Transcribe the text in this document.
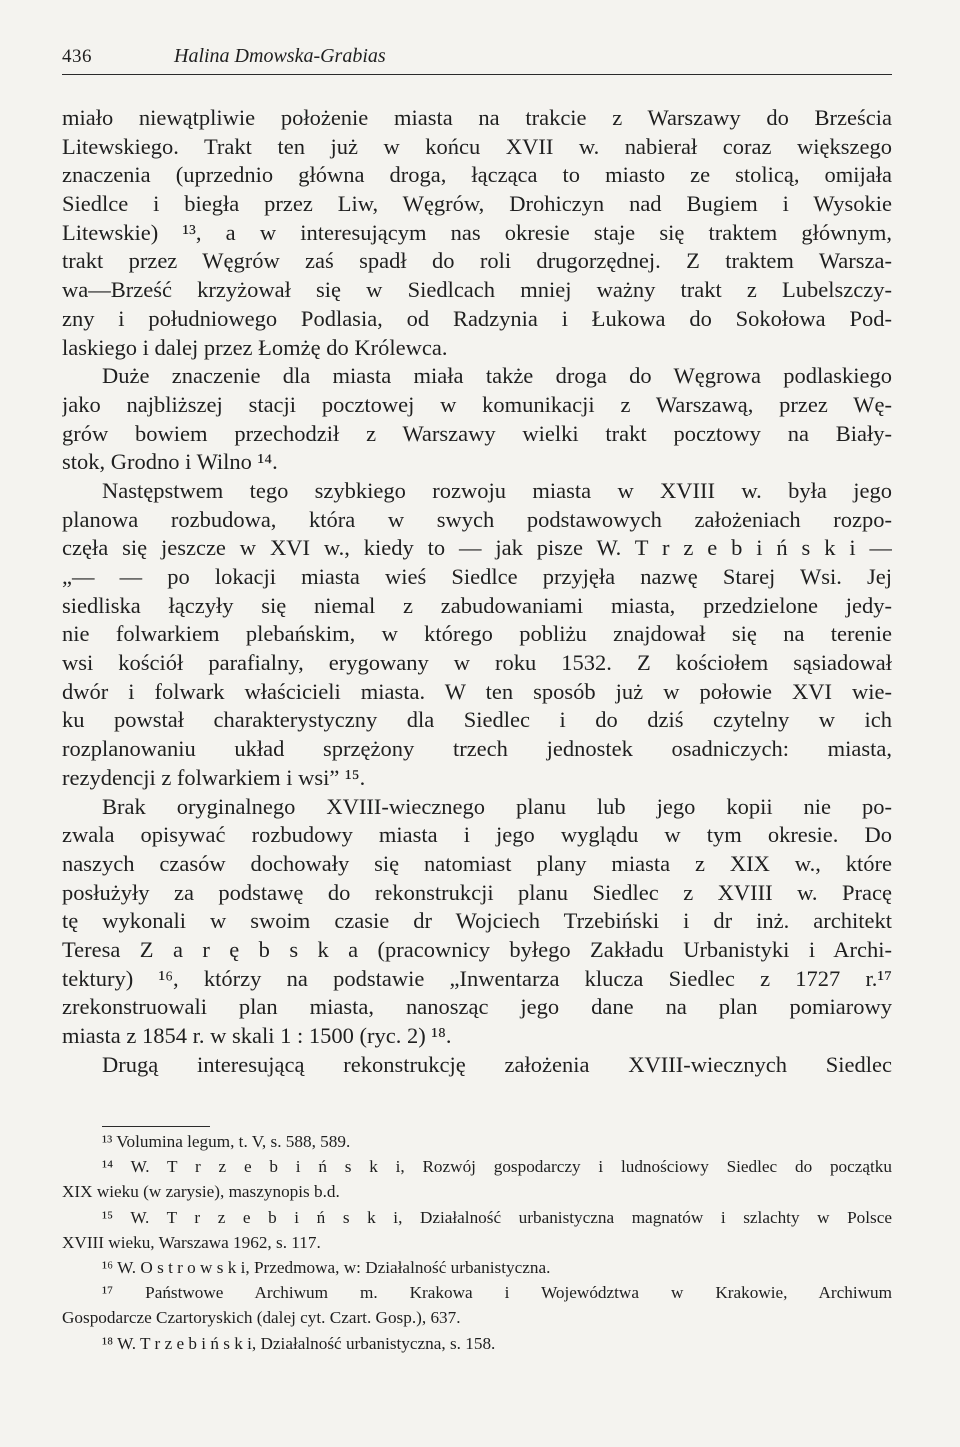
436	Halina Dmowska-Grabias
miało niewątpliwie położenie miasta na trakcie z Warszawy do Brześcia
Litewskiego. Trakt ten już w końcu XVII w. nabierał coraz większego
znaczenia (uprzednio główna droga, łącząca to miasto ze stolicą, omijała
Siedlce i biegła przez Liw, Węgrów, Drohiczyn nad Bugiem i Wysokie
Litewskie) ¹³, a w interesującym nas okresie staje się traktem głównym,
trakt przez Węgrów zaś spadł do roli drugorzędnej. Z traktem Warsza-
wa—Brześć krzyżował się w Siedlcach mniej ważny trakt z Lubelszczy-
zny i południowego Podlasia, od Radzynia i Łukowa do Sokołowa Pod-
laskiego i dalej przez Łomżę do Królewca.
Duże znaczenie dla miasta miała także droga do Węgrowa podlaskiego
jako najbliższej stacji pocztowej w komunikacji z Warszawą, przez Wę-
grów bowiem przechodził z Warszawy wielki trakt pocztowy na Biały-
stok, Grodno i Wilno ¹⁴.
Następstwem tego szybkiego rozwoju miasta w XVIII w. była jego
planowa rozbudowa, która w swych podstawowych założeniach rozpo-
częła się jeszcze w XVI w., kiedy to — jak pisze W. T r z e b i ń s k i —
„— — po lokacji miasta wieś Siedlce przyjęła nazwę Starej Wsi. Jej
siedliska łączyły się niemal z zabudowaniami miasta, przedzielone jedy-
nie folwarkiem plebańskim, w którego pobliżu znajdował się na terenie
wsi kościół parafialny, erygowany w roku 1532. Z kościołem sąsiadował
dwór i folwark właścicieli miasta. W ten sposób już w połowie XVI wie-
ku powstał charakterystyczny dla Siedlec i do dziś czytelny w ich
rozplanowaniu układ sprzężony trzech jednostek osadniczych: miasta,
rezydencji z folwarkiem i wsi” ¹⁵.
Brak oryginalnego XVIII-wiecznego planu lub jego kopii nie po-
zwala opisywać rozbudowy miasta i jego wyglądu w tym okresie. Do
naszych czasów dochowały się natomiast plany miasta z XIX w., które
posłużyły za podstawę do rekonstrukcji planu Siedlec z XVIII w. Pracę
tę wykonali w swoim czasie dr Wojciech Trzebiński i dr inż. architekt
Teresa Z a r ę b s k a (pracownicy byłego Zakładu Urbanistyki i Archi-
tektury) ¹⁶, którzy na podstawie „Inwentarza klucza Siedlec z 1727 r.¹⁷
zrekonstruowali plan miasta, nanosząc jego dane na plan pomiarowy
miasta z 1854 r. w skali 1 : 1500 (ryc. 2) ¹⁸.
Drugą interesującą rekonstrukcję założenia XVIII-wiecznych Siedlec
¹³ Volumina legum, t. V, s. 588, 589.
¹⁴ W. T r z e b i ń s k i, Rozwój gospodarczy i ludnościowy Siedlec do początku
XIX wieku (w zarysie), maszynopis b.d.
¹⁵ W. T r z e b i ń s k i, Działalność urbanistyczna magnatów i szlachty w Polsce
XVIII wieku, Warszawa 1962, s. 117.
¹⁶ W. O s t r o w s k i, Przedmowa, w: Działalność urbanistyczna.
¹⁷ Państwowe Archiwum m. Krakowa i Województwa w Krakowie, Archiwum
Gospodarcze Czartoryskich (dalej cyt. Czart. Gosp.), 637.
¹⁸ W. T r z e b i ń s k i, Działalność urbanistyczna, s. 158.
